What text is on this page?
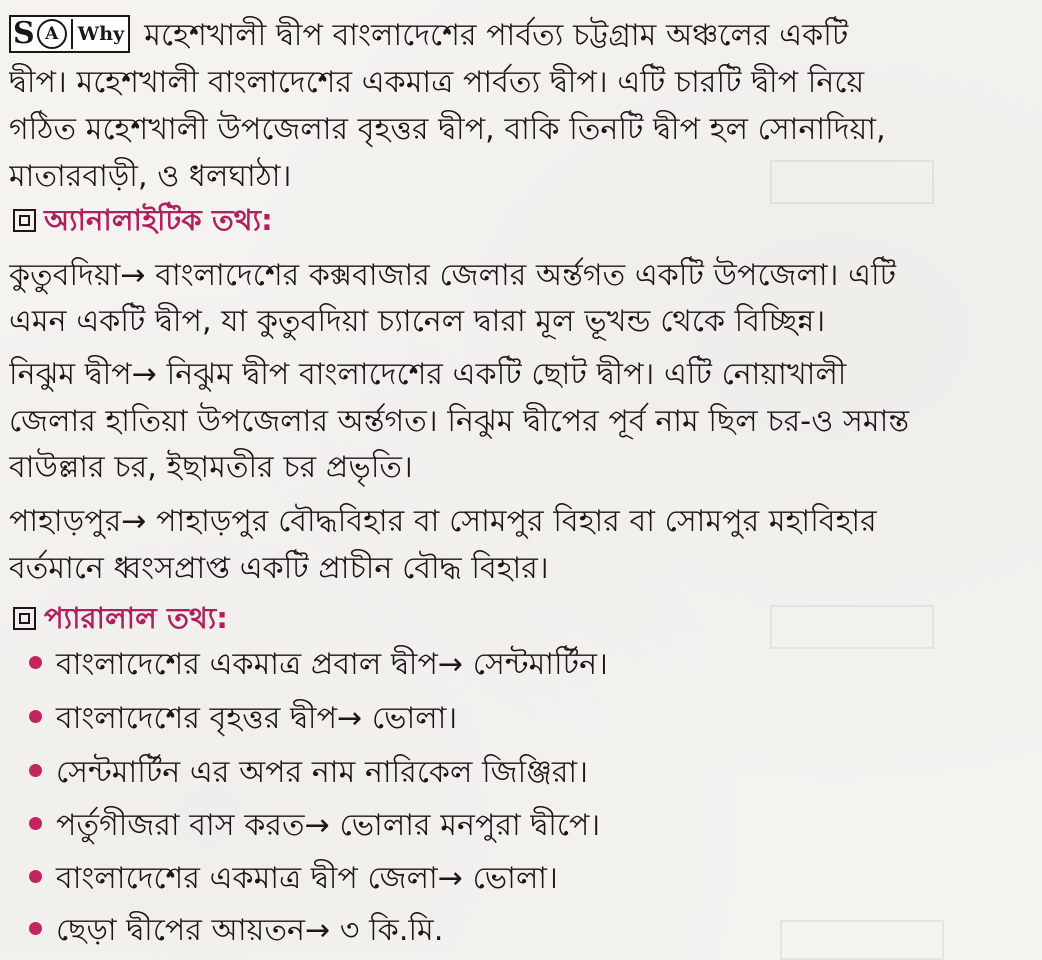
S A	Why মহেশখালী দ্বীপ বাংলাদেশের পার্বত্য চট্টগ্রাম অঞ্চলের একটি
দ্বীপ। মহেশখালী বাংলাদেশের একমাত্র পার্বত্য দ্বীপ। এটি চারটি দ্বীপ নিয়ে
গঠিত মহেশখালী উপজেলার বৃহত্তর দ্বীপ, বাকি তিনটি দ্বীপ হল সোনাদিয়া,
মাতারবাড়ী, ও ধলঘাঠা।
অ্যানালাইটিক তথ্য:
কুতুবদিয়া→ বাংলাদেশের কক্সবাজার জেলার অর্ন্তগত একটি উপজেলা। এটি
এমন একটি দ্বীপ, যা কুতুবদিয়া চ্যানেল দ্বারা মূল ভূখন্ড থেকে বিচ্ছিন্ন।
নিঝুম দ্বীপ→ নিঝুম দ্বীপ বাংলাদেশের একটি ছোট দ্বীপ। এটি নোয়াখালী
জেলার হাতিয়া উপজেলার অর্ন্তগত। নিঝুম দ্বীপের পূর্ব নাম ছিল চর-ও সমান্ত
বাউল্লার চর, ইছামতীর চর প্রভৃতি।
পাহাড়পুর→ পাহাড়পুর বৌদ্ধবিহার বা সোমপুর বিহার বা সোমপুর মহাবিহার
বর্তমানে ধ্বংসপ্রাপ্ত একটি প্রাচীন বৌদ্ধ বিহার।
প্যারালাল তথ্য:
বাংলাদেশের একমাত্র প্রবাল দ্বীপ→ সেন্টমার্টিন।
বাংলাদেশের বৃহত্তর দ্বীপ→ ভোলা।
সেন্টমার্টিন এর অপর নাম নারিকেল জিঞ্জিরা।
পর্তুগীজরা বাস করত→ ভোলার মনপুরা দ্বীপে।
বাংলাদেশের একমাত্র দ্বীপ জেলা→ ভোলা।
ছেড়া দ্বীপের আয়তন→ ৩ কি.মি.
